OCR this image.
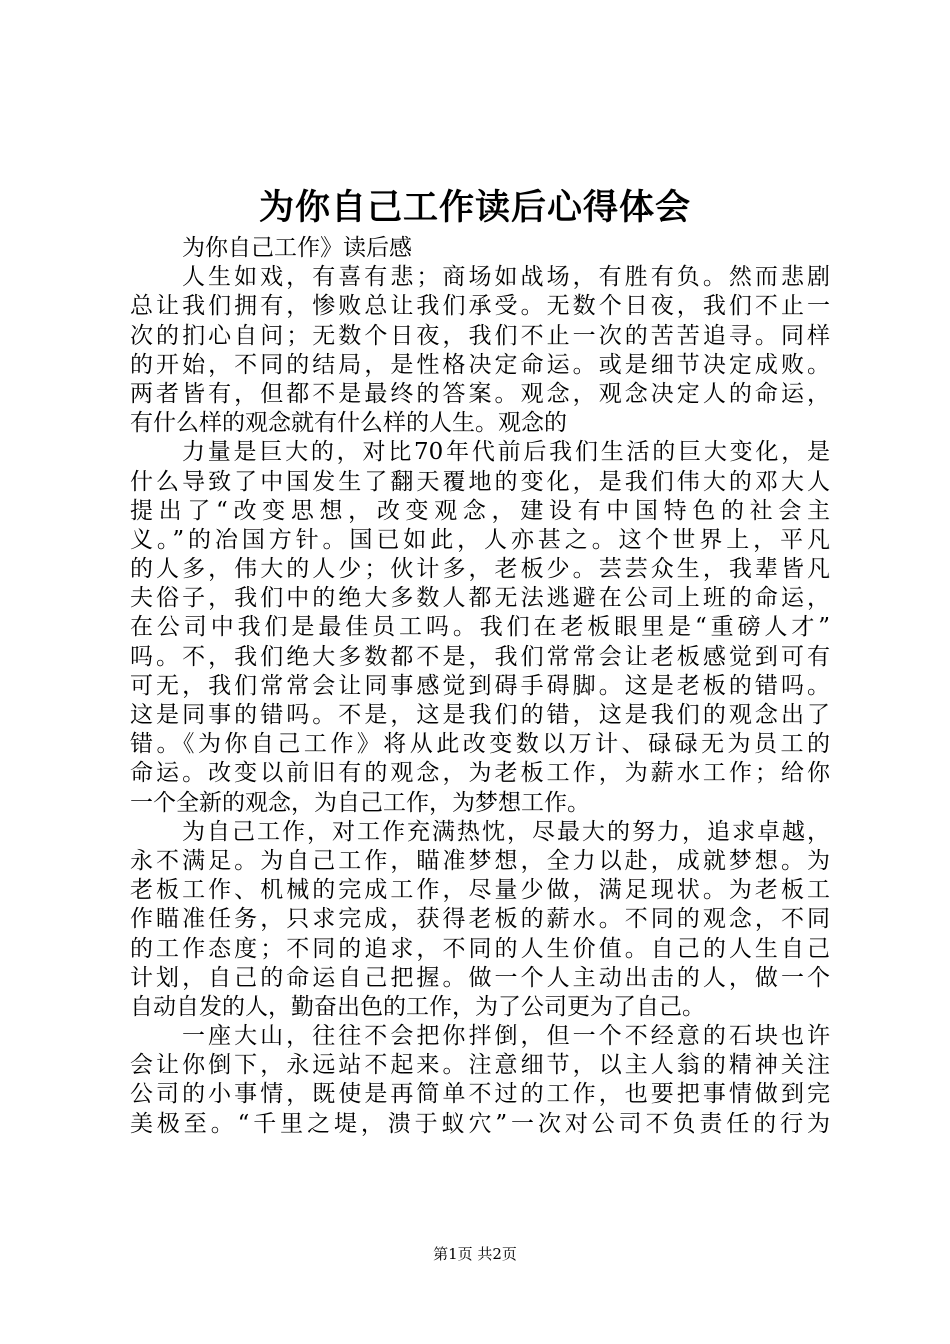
为你自己工作读后心得体会
为你自己工作》读后感
人生如戏，有喜有悲；商场如战场，有胜有负。然而悲剧
总让我们拥有，惨败总让我们承受。无数个日夜，我们不止一
次的扪心自问；无数个日夜，我们不止一次的苦苦追寻。同样
的开始，不同的结局，是性格决定命运。或是细节决定成败。
两者皆有，但都不是最终的答案。观念，观念决定人的命运，
有什么样的观念就有什么样的人生。观念的
力量是巨大的，对比70年代前后我们生活的巨大变化，是
什么导致了中国发生了翻天覆地的变化，是我们伟大的邓大人
提出了“改变思想，改变观念，建设有中国特色的社会主
义。”的冶国方针。国已如此，人亦甚之。这个世界上，平凡
的人多，伟大的人少；伙计多，老板少。芸芸众生，我辈皆凡
夫俗子，我们中的绝大多数人都无法逃避在公司上班的命运，
在公司中我们是最佳员工吗。我们在老板眼里是“重磅人才”
吗。不，我们绝大多数都不是，我们常常会让老板感觉到可有
可无，我们常常会让同事感觉到碍手碍脚。这是老板的错吗。
这是同事的错吗。不是，这是我们的错，这是我们的观念出了
错。《为你自己工作》将从此改变数以万计、碌碌无为员工的
命运。改变以前旧有的观念，为老板工作，为薪水工作；给你
一个全新的观念，为自己工作，为梦想工作。
为自己工作，对工作充满热忱，尽最大的努力，追求卓越，
永不满足。为自己工作，瞄准梦想，全力以赴，成就梦想。为
老板工作、机械的完成工作，尽量少做，满足现状。为老板工
作瞄准任务，只求完成，获得老板的薪水。不同的观念，不同
的工作态度；不同的追求，不同的人生价值。自己的人生自己
计划，自己的命运自己把握。做一个人主动出击的人，做一个
自动自发的人，勤奋出色的工作，为了公司更为了自己。
一座大山，往往不会把你拌倒，但一个不经意的石块也许
会让你倒下，永远站不起来。注意细节，以主人翁的精神关注
公司的小事情，既使是再简单不过的工作，也要把事情做到完
美极至。“千里之堤，溃于蚁穴”一次对公司不负责任的行为
第1页 共2页
